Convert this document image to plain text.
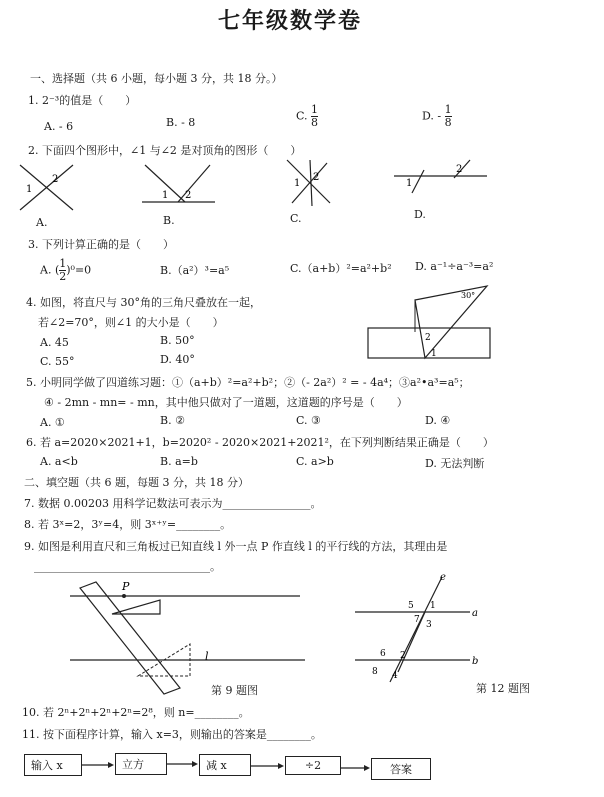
七年级数学卷
一、选择题（共 6 小题，每小题 3 分，共 18 分。）
1. 2⁻³的值是（　　）
A. - 6	B. - 8	C. $\frac{1}{8}$	D. - $\frac{1}{8}$
2. 下面四个图形中，∠1 与∠2 是对顶角的图形（　　）
1
2
A.
1 2
B.
1
2
C.
1
2
D.
3. 下列计算正确的是（　　）
A. ( $\frac{1}{2} )^0=0$	B.（a²）³=a⁵	C.（a+b）²=a²+b² D. a⁻¹÷a⁻³=a²
4. 如图，将直尺与 30°角的三角尺叠放在一起，
若∠2=70°，则∠1 的大小是（　　）
A. 45	B. 50°
C. 55°	D. 40°
30°
2
1
5. 小明同学做了四道练习题：①（a+b）²=a²+b²；②（- 2a²）² = - 4a⁴；③a²•a³=a⁵；
④ - 2mn - mn= - mn，其中他只做对了一道题，这道题的序号是（　　）
A. ①	B. ②	C. ③	D. ④
6. 若 a=2020×2021+1，b=2020² - 2020×2021+2021²，在下列判断结果正确是（　　）
A. a<b	B. a=b	C. a>b	D. 无法判断
二、填空题（共 6 题，每题 3 分，共 18 分）
7. 数据 0.00203 用科学记数法可表示为________________。
8. 若 3ˣ=2，3ʸ=4，则 3ˣ⁺ʸ=________。
9. 如图是利用直尺和三角板过已知直线 l 外一点 P 作直线 l 的平行线的方法，其理由是
________________________________。
P
l
第 9 题图
e
a
b
5 1
7 3
6 2
8 4
第 12 题图
10. 若 2ⁿ+2ⁿ+2ⁿ+2ⁿ=2⁸，则 n=________。
11. 按下面程序计算，输入 x=3，则输出的答案是________。
输入 x	立方	减 x	÷2	答案
